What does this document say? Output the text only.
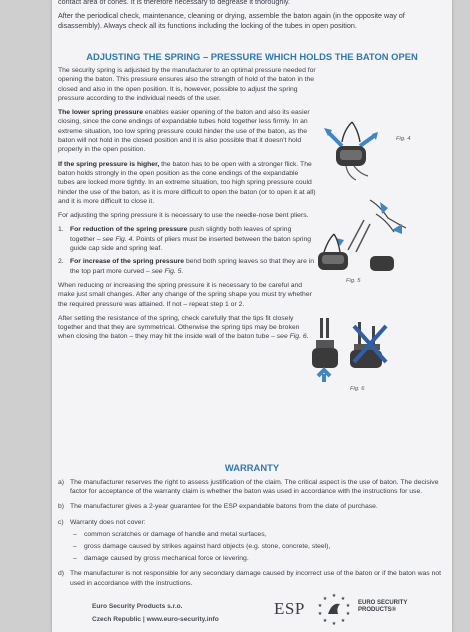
contact area of cones. It is therefore necessary to degrease it thoroughly.

After the periodical check, maintenance, cleaning or drying, assemble the baton again (in the opposite way of disassembly). Always check all its functions including the locking of the tubes in open position.

ADJUSTING THE SPRING – PRESSURE WHICH HOLDS THE BATON OPEN

The security spring is adjusted by the manufacturer to an optimal pressure needed for opening the baton. This pressure ensures also the strength of hold of the baton in the closed and also in the open position. It is, however, possible to adjust the spring pressure according to the individual needs of the user.

The lower spring pressure enables easier opening of the baton and also its easier closing, since the cone endings of expandable tubes hold together less firmly. In an extreme situation, too low spring pressure could hinder the use of the baton, as the baton will not hold in the closed position and it is also possible that it doesn't hold properly in the open position.

If the spring pressure is higher, the baton has to be open with a stronger flick. The baton holds strongly in the open position as the cone endings of the expandable tubes are locked more tightly. In an extreme situation, too high spring pressure could hinder the use of the baton, as it is more difficult to open the baton (or to open it at all) and it is more difficult to close it.

For adjusting the spring pressure it is necessary to use the needle-nose bent pliers.

1. For reduction of the spring pressure push slightly both leaves of spring together – see Fig. 4. Points of pliers must be inserted between the baton spring guide cap side and spring leaf.
2. For increase of the spring pressure bend both spring leaves so that they are in the top part more curved – see Fig. 5.

When reducing or increasing the spring pressure it is necessary to be careful and make just small changes. After any change of the spring shape you must try whether the required pressure was attained. If not – repeat step 1 or 2.

After setting the resistance of the spring, check carefully that the tips fit closely together and that they are symmetrical. Otherwise the spring tips may be broken when closing the baton – they may hit the inside wall of the baton tube – see Fig. 6.

Fig. 4
Fig. 5
Fig. 6
WARRANTY
a) The manufacturer reserves the right to assess justification of the claim. The critical aspect is the use of baton. The decisive factor for acceptance of the warranty claim is whether the baton was used in accordance with the instructions for use.
b) The manufacturer gives a 2-year guarantee for the ESP expandable batons from the date of purchase.
c) Warranty does not cover:
– common scratches or damage of handle and metal surfaces,
– gross damage caused by strikes against hard objects (e.g. stone, concrete, steel),
– damage caused by gross mechanical force or levering.
d) The manufacturer is not responsible for any secondary damage caused by incorrect use of the baton or if the baton was not used in accordance with the instructions.
Euro Security Products s.r.o.
Czech Republic | www.euro-security.info
ESP
★ ★
★
★
★
★
★
★
★
★
EURO SECURITY
PRODUCTS®
